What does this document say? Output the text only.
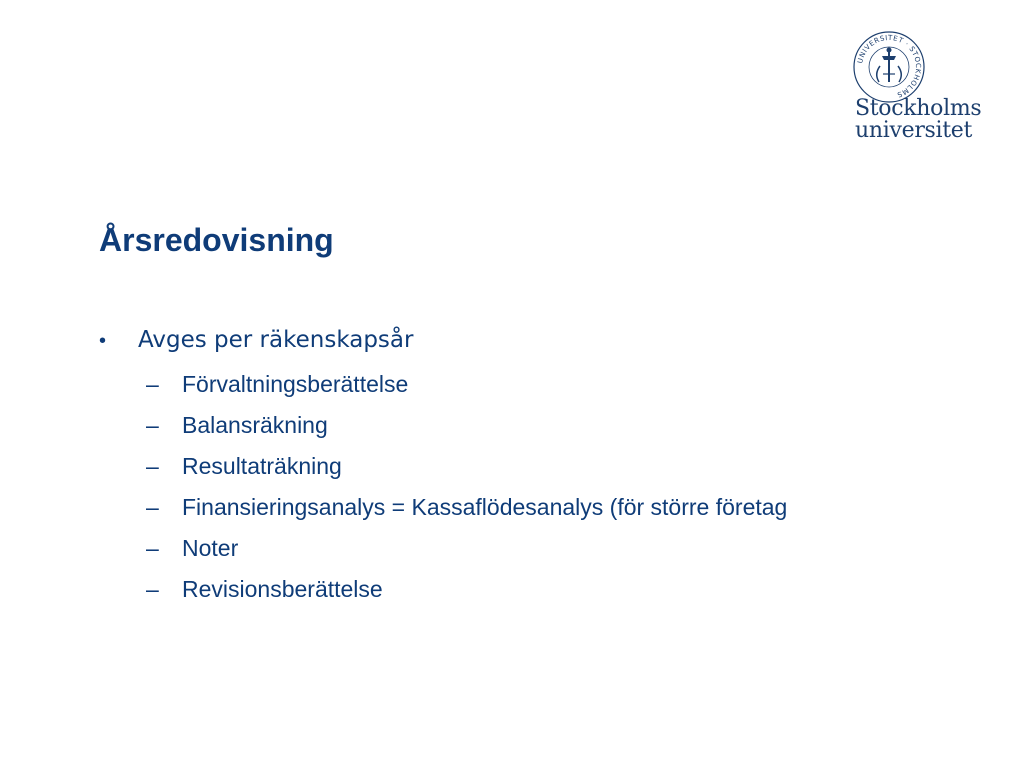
UNIVERSITET · STOCKHOLMS
Stockholms
universitet
Årsredovisning
•	Avges per räkenskapsår
–	Förvaltningsberättelse
–	Balansräkning
–	Resultaträkning
–	Finansieringsanalys = Kassaflödesanalys (för större företag
–	Noter
–	Revisionsberättelse
